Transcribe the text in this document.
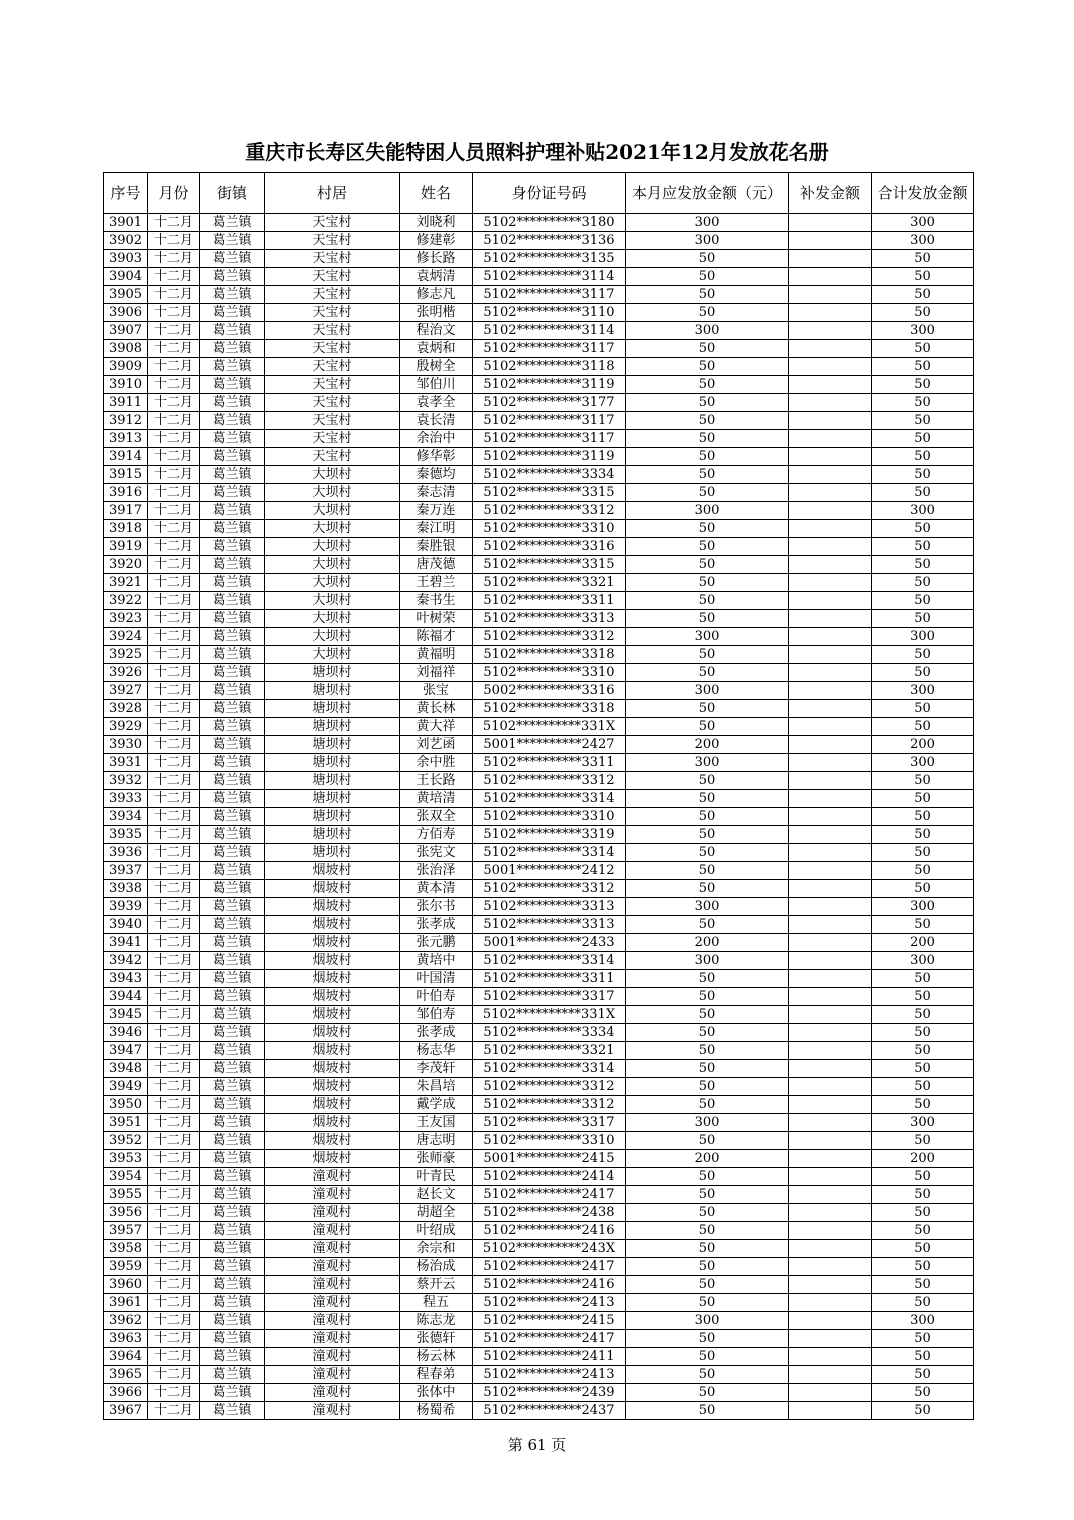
重庆市长寿区失能特困人员照料护理补贴2021年12月发放花名册
序号	月份	街镇	村居	姓名	身份证号码	本月应发放金额（元）	补发金额	合计发放金额
3901	十二月	葛兰镇	天宝村	刘晓利	5102**********3180	300		300
3902	十二月	葛兰镇	天宝村	修建彰	5102**********3136	300		300
3903	十二月	葛兰镇	天宝村	修长路	5102**********3135	50		50
3904	十二月	葛兰镇	天宝村	袁炳清	5102**********3114	50		50
3905	十二月	葛兰镇	天宝村	修志凡	5102**********3117	50		50
3906	十二月	葛兰镇	天宝村	张明楷	5102**********3110	50		50
3907	十二月	葛兰镇	天宝村	程治文	5102**********3114	300		300
3908	十二月	葛兰镇	天宝村	袁炳和	5102**********3117	50		50
3909	十二月	葛兰镇	天宝村	殷树全	5102**********3118	50		50
3910	十二月	葛兰镇	天宝村	邹伯川	5102**********3119	50		50
3911	十二月	葛兰镇	天宝村	袁孝全	5102**********3177	50		50
3912	十二月	葛兰镇	天宝村	袁长清	5102**********3117	50		50
3913	十二月	葛兰镇	天宝村	余治中	5102**********3117	50		50
3914	十二月	葛兰镇	天宝村	修华彰	5102**********3119	50		50
3915	十二月	葛兰镇	大坝村	秦德均	5102**********3334	50		50
3916	十二月	葛兰镇	大坝村	秦志清	5102**********3315	50		50
3917	十二月	葛兰镇	大坝村	秦万连	5102**********3312	300		300
3918	十二月	葛兰镇	大坝村	秦江明	5102**********3310	50		50
3919	十二月	葛兰镇	大坝村	秦胜银	5102**********3316	50		50
3920	十二月	葛兰镇	大坝村	唐茂德	5102**********3315	50		50
3921	十二月	葛兰镇	大坝村	王碧兰	5102**********3321	50		50
3922	十二月	葛兰镇	大坝村	秦书生	5102**********3311	50		50
3923	十二月	葛兰镇	大坝村	叶树荣	5102**********3313	50		50
3924	十二月	葛兰镇	大坝村	陈福才	5102**********3312	300		300
3925	十二月	葛兰镇	大坝村	黄福明	5102**********3318	50		50
3926	十二月	葛兰镇	塘坝村	刘福祥	5102**********3310	50		50
3927	十二月	葛兰镇	塘坝村	张宝	5002**********3316	300		300
3928	十二月	葛兰镇	塘坝村	黄长林	5102**********3318	50		50
3929	十二月	葛兰镇	塘坝村	黄大祥	5102**********331X	50		50
3930	十二月	葛兰镇	塘坝村	刘艺函	5001**********2427	200		200
3931	十二月	葛兰镇	塘坝村	余中胜	5102**********3311	300		300
3932	十二月	葛兰镇	塘坝村	王长路	5102**********3312	50		50
3933	十二月	葛兰镇	塘坝村	黄培清	5102**********3314	50		50
3934	十二月	葛兰镇	塘坝村	张双全	5102**********3310	50		50
3935	十二月	葛兰镇	塘坝村	方佰寿	5102**********3319	50		50
3936	十二月	葛兰镇	塘坝村	张宪文	5102**********3314	50		50
3937	十二月	葛兰镇	烟坡村	张治泽	5001**********2412	50		50
3938	十二月	葛兰镇	烟坡村	黄本清	5102**********3312	50		50
3939	十二月	葛兰镇	烟坡村	张尔书	5102**********3313	300		300
3940	十二月	葛兰镇	烟坡村	张孝成	5102**********3313	50		50
3941	十二月	葛兰镇	烟坡村	张元鹏	5001**********2433	200		200
3942	十二月	葛兰镇	烟坡村	黄培中	5102**********3314	300		300
3943	十二月	葛兰镇	烟坡村	叶国清	5102**********3311	50		50
3944	十二月	葛兰镇	烟坡村	叶伯寿	5102**********3317	50		50
3945	十二月	葛兰镇	烟坡村	邹伯寿	5102**********331X	50		50
3946	十二月	葛兰镇	烟坡村	张孝成	5102**********3334	50		50
3947	十二月	葛兰镇	烟坡村	杨志华	5102**********3321	50		50
3948	十二月	葛兰镇	烟坡村	李茂轩	5102**********3314	50		50
3949	十二月	葛兰镇	烟坡村	朱昌培	5102**********3312	50		50
3950	十二月	葛兰镇	烟坡村	戴学成	5102**********3312	50		50
3951	十二月	葛兰镇	烟坡村	王友国	5102**********3317	300		300
3952	十二月	葛兰镇	烟坡村	唐志明	5102**********3310	50		50
3953	十二月	葛兰镇	烟坡村	张师豪	5001**********2415	200		200
3954	十二月	葛兰镇	潼观村	叶青民	5102**********2414	50		50
3955	十二月	葛兰镇	潼观村	赵长文	5102**********2417	50		50
3956	十二月	葛兰镇	潼观村	胡超全	5102**********2438	50		50
3957	十二月	葛兰镇	潼观村	叶绍成	5102**********2416	50		50
3958	十二月	葛兰镇	潼观村	余宗和	5102**********243X	50		50
3959	十二月	葛兰镇	潼观村	杨治成	5102**********2417	50		50
3960	十二月	葛兰镇	潼观村	蔡开云	5102**********2416	50		50
3961	十二月	葛兰镇	潼观村	程五	5102**********2413	50		50
3962	十二月	葛兰镇	潼观村	陈志龙	5102**********2415	300		300
3963	十二月	葛兰镇	潼观村	张德轩	5102**********2417	50		50
3964	十二月	葛兰镇	潼观村	杨云林	5102**********2411	50		50
3965	十二月	葛兰镇	潼观村	程春弟	5102**********2413	50		50
3966	十二月	葛兰镇	潼观村	张体中	5102**********2439	50		50
3967	十二月	葛兰镇	潼观村	杨蜀希	5102**********2437	50		50
第 61 页
